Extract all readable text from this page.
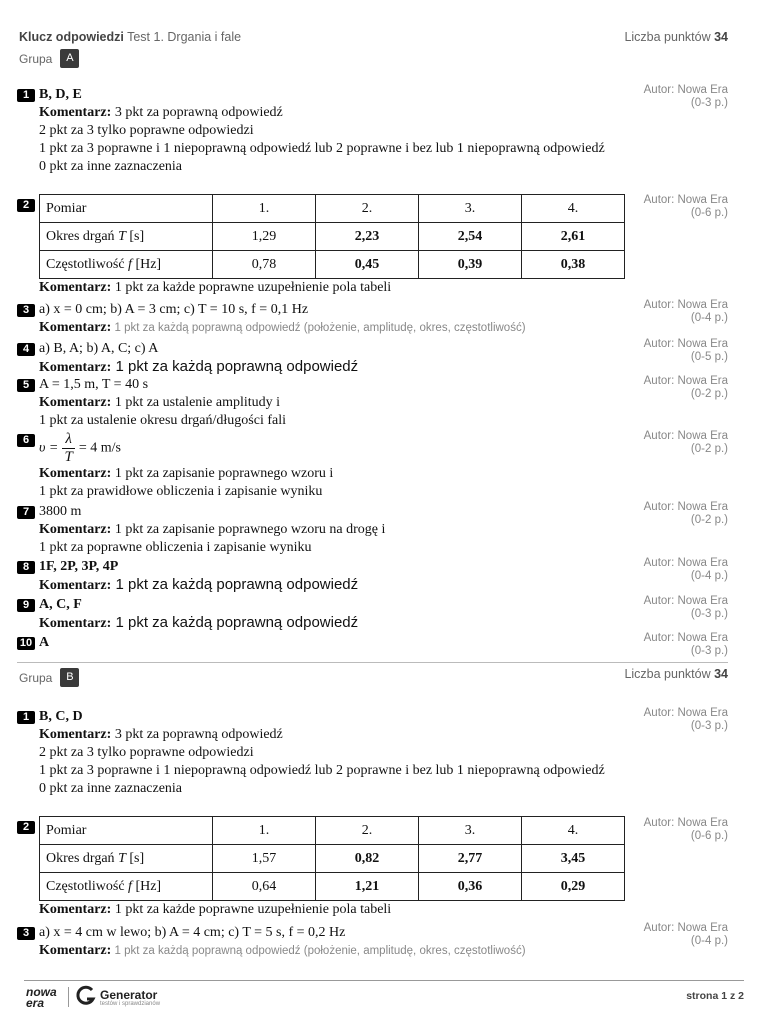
Klucz odpowiedzi Test 1. Drgania i fale	Liczba punktów 34
Grupa	A
1 B, D, E
Komentarz: 3 pkt za poprawną odpowiedź
2 pkt za 3 tylko poprawne odpowiedzi
1 pkt za 3 poprawne i 1 niepoprawną odpowiedź lub 2 poprawne i bez lub 1 niepoprawną odpowiedź
0 pkt za inne zaznaczenia
Autor: Nowa Era
(0-3 p.)
2	Pomiar	1.	2.	3.	4.
Okres drgań T [s]	1,29	2,23	2,54	2,61
Częstotliwość f [Hz]	0,78	0,45	0,39	0,38
Komentarz: 1 pkt za każde poprawne uzupełnienie pola tabeli
Autor: Nowa Era
(0-6 p.)
3 a) x = 0 cm; b) A = 3 cm; c) T = 10 s, f = 0,1 Hz
Komentarz: 1 pkt za każdą poprawną odpowiedź (położenie, amplitudę, okres, częstotliwość)
Autor: Nowa Era
(0-4 p.)
4 a) B, A; b) A, C; c) A
Komentarz: 1 pkt za każdą poprawną odpowiedź
Autor: Nowa Era
(0-5 p.)
5 A = 1,5 m, T = 40 s
Komentarz: 1 pkt za ustalenie amplitudy i
1 pkt za ustalenie okresu drgań/długości fali
Autor: Nowa Era
(0-2 p.)
6
$\upsilon = \frac{\lambda}{T} = 4$ m/s
Komentarz: 1 pkt za zapisanie poprawnego wzoru i
1 pkt za prawidłowe obliczenia i zapisanie wyniku
Autor: Nowa Era
(0-2 p.)
7 3800 m
Komentarz: 1 pkt za zapisanie poprawnego wzoru na drogę i
1 pkt za poprawne obliczenia i zapisanie wyniku
Autor: Nowa Era
(0-2 p.)
8 1F, 2P, 3P, 4P
Komentarz: 1 pkt za każdą poprawną odpowiedź
Autor: Nowa Era
(0-4 p.)
9 A, C, F
Komentarz: 1 pkt za każdą poprawną odpowiedź
Autor: Nowa Era
(0-3 p.)
10 A	Autor: Nowa Era
(0-3 p.)
Grupa	B	Liczba punktów 34
1 B, C, D
Komentarz: 3 pkt za poprawną odpowiedź
2 pkt za 3 tylko poprawne odpowiedzi
1 pkt za 3 poprawne i 1 niepoprawną odpowiedź lub 2 poprawne i bez lub 1 niepoprawną odpowiedź
0 pkt za inne zaznaczenia
Autor: Nowa Era
(0-3 p.)
2	Pomiar	1.	2.	3.	4.
Okres drgań T [s]	1,57	0,82	2,77	3,45
Częstotliwość f [Hz]	0,64	1,21	0,36	0,29
Komentarz: 1 pkt za każde poprawne uzupełnienie pola tabeli
Autor: Nowa Era
(0-6 p.)
3 a) x = 4 cm w lewo; b) A = 4 cm; c) T = 5 s, f = 0,2 Hz
Komentarz: 1 pkt za każdą poprawną odpowiedź (położenie, amplitudę, okres, częstotliwość)
Autor: Nowa Era
(0-4 p.)
nowa
era
Generator
testów i sprawdzianów
strona 1 z 2
